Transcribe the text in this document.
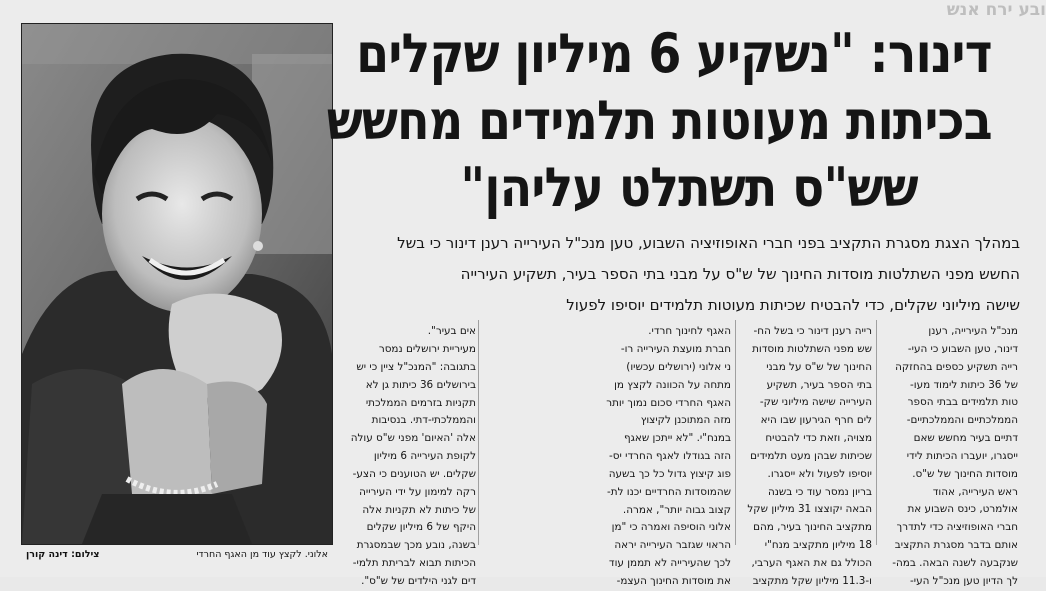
ובע ירח אנש
צילום: דינה קורן	אלוני. לקצץ עוד מן האגף החרדי
דינור: "נשקיע 6 מיליון שקלים
בכיתות מעוטות תלמידים מחשש
שש"ס תשתלט עליהן"
במהלך הצגת מסגרת התקציב בפני חברי האופוזיציה השבוע, טען מנכ"ל העירייה רענן דינור כי בשל
החשש מפני השתלטות מוסדות החינוך של ש"ס על מבני בתי הספר בעיר, תשקיע העירייה
שישה מיליוני שקלים, כדי להבטיח שכיתות מעוטות תלמידים יוסיפו לפעול
מנכ"ל העירייה, רענן
דינור, טען השבוע כי העי-
רייה תשקיע כספים בהחזקה
של 36 כיתות לימוד מעו-
טות תלמידים בבתי הספר
הממלכתיים והממלכתיים-
דתיים בעיר מחשש שאם
ייסגרו, יועברו הכיתות לידי
מוסדות החינוך של ש"ס.
ראש העירייה, אהוד
אולמרט, כינס השבוע את
חברי האופוזיציה כדי לתדרך
אותם בדבר מסגרת התקציב
שנקבעה לשנה הבאה. במה-
לך הדיון טען מנכ"ל העי-
רייה רענן דינור כי בשל הח-
שש מפני השתלטות מוסדות
החינוך של ש"ס על מבני
בתי הספר בעיר, תשקיע
העירייה שישה מיליוני שק-
לים חרף הגירעון שבו היא
מצויה, וזאת כדי להבטיח
שכיתות שבהן מעט תלמידים
יוסיפו לפעול ולא ייסגרו.
בריון נמסר עוד כי בשנה
הבאה יקוצצו 31 מיליון שקל
מתקציב החינוך בעיר, מהם
18 מיליון מתקציב מנח"י
הכולל גם את האגף הערבי,
ו-11.3 מיליון שקל מתקציב
חברת מועצת העירייה רו-
ני אלוני (ירושלים עכשיו)
מתחה על הכוונה לקצץ מן
האגף החרדי סכום נמוך יותר
מזה המתוכנן לקיצוץ
במנח"י. "לא ייתכן שאגף
הזה בגודלו לאגף החרדי יס-
פוג קיצוץ גדול כל כך בשעה
שהמוסדות החרדיים יכנו לת-
קצוב גבוה יותר", אמרה.
אלוני הוסיפה ואמרה כי "מן
הראוי שגזבר העירייה יראה
לכך שהעירייה לא תממן עוד
את מוסדות החינוך העצמ-
האגף לחינוך חרדי.
מעיריית ירושלים נמסר
בתגובה: "המנכ"ל ציין כי יש
בירושלים 36 כיתות גן לא
תקניות בזרמים הממלכתי
והממלכתי-דתי. בנסיבות
אלה 'האיום' מפני ש"ס עולה
לקופת העירייה 6 מיליון
שקלים. יש הטוענים כי הצע-
רקה למימון על ידי העירייה
של כיתות לא תקניות אלה
היקף של 6 מיליון שקלים
בשנה, נובע מכך שבמסגרת
הכיתות תבוא לבריתת תלמי-
דים לגני הילדים של ש"ס".
אים בעיר".
